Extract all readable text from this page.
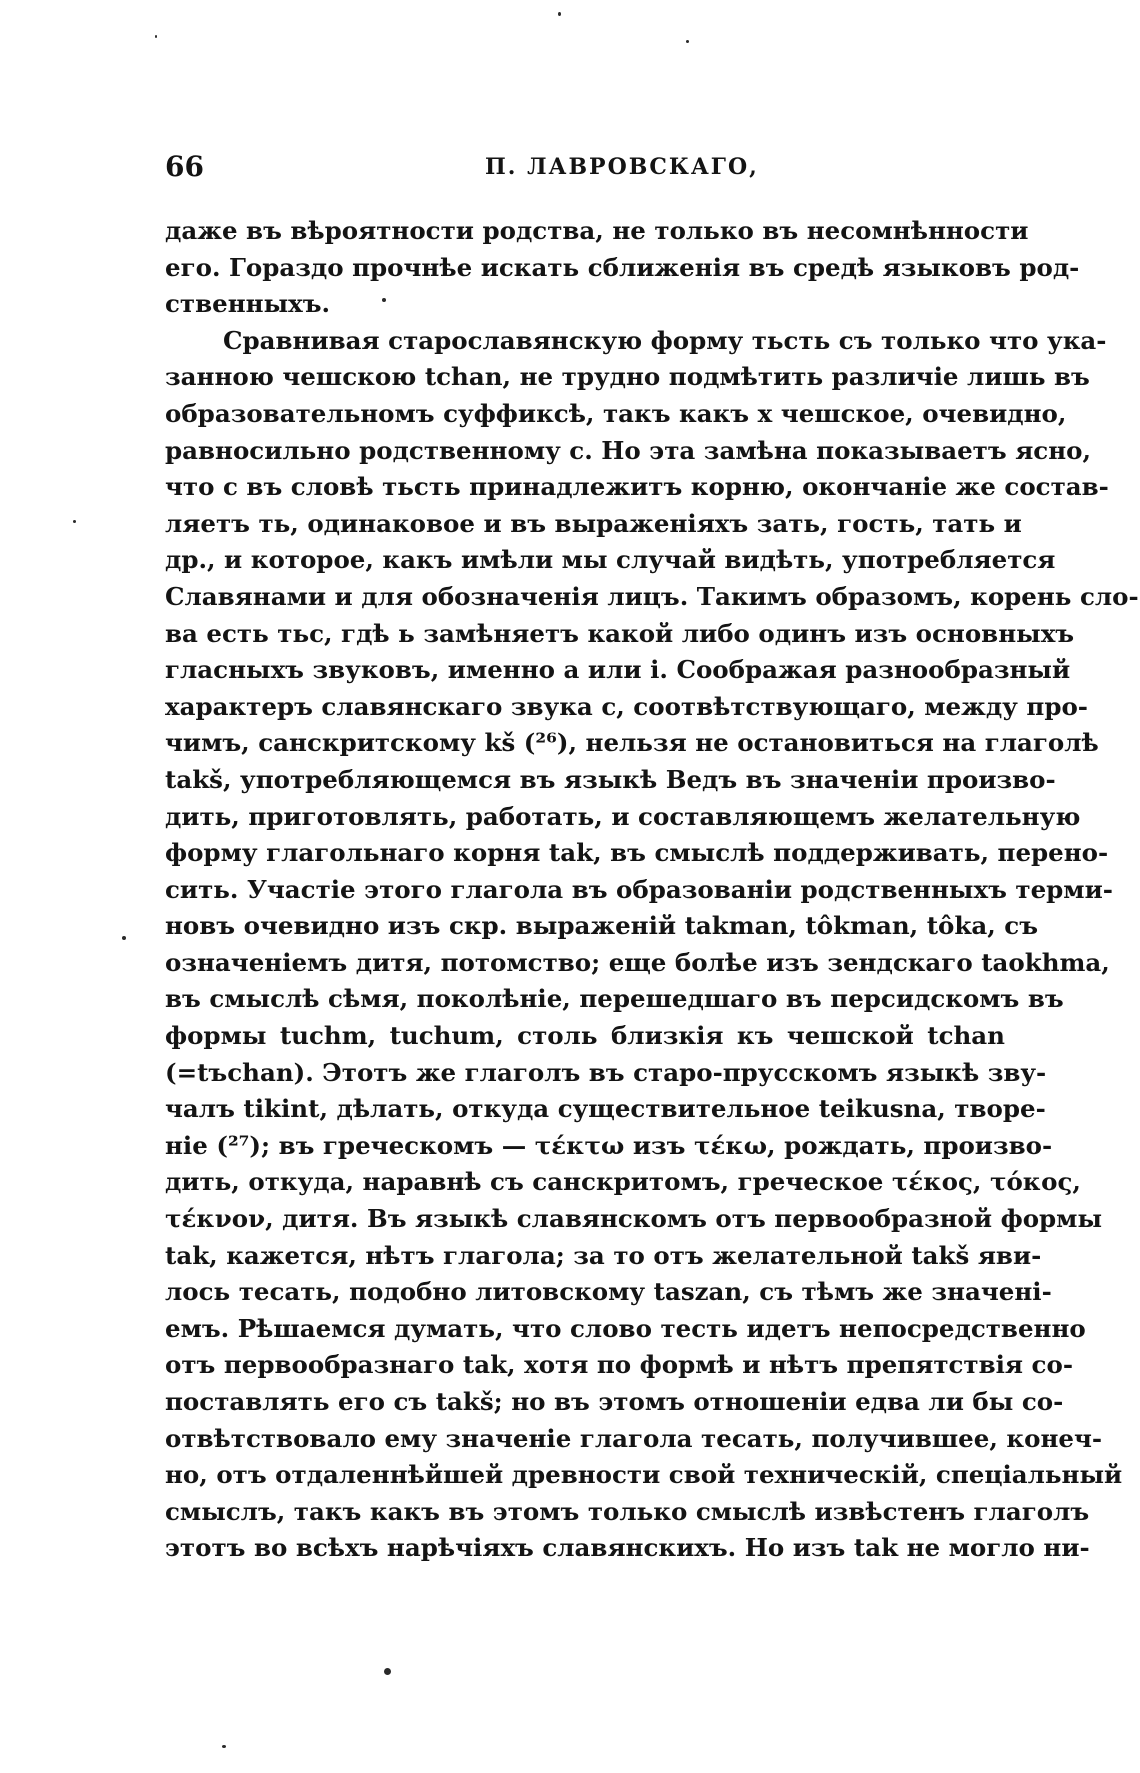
66	П. ЛАВРОВСКАГО,
даже въ вѣроятности родства, не только въ несомнѣнности
его. Гораздо прочнѣе искать сближенія въ средѣ языковъ род-
ственныхъ.
Сравнивая старославянскую форму тьсть съ только что ука-
занною чешскою tchan, не трудно подмѣтить различіе лишь въ
образовательномъ суффиксѣ, такъ какъ х чешское, очевидно,
равносильно родственному с. Но эта замѣна показываетъ ясно,
что с въ словѣ тьсть принадлежитъ корню, окончаніе же состав-
ляетъ ть, одинаковое и въ выраженіяхъ зать, гость, тать и
др., и которое, какъ имѣли мы случай видѣть, употребляется
Славянами и для обозначенія лицъ. Такимъ образомъ, корень сло-
ва есть тьс, гдѣ ь замѣняетъ какой либо одинъ изъ основныхъ
гласныхъ звуковъ, именно а или i. Соображая разнообразный
характеръ славянскаго звука с, соотвѣтствующаго, между про-
чимъ, санскритскому kš (²⁶), нельзя не остановиться на глаголѣ
takš, употребляющемся въ языкѣ Ведъ въ значеніи произво-
дить, приготовлять, работать, и составляющемъ желательную
форму глагольнаго корня tak, въ смыслѣ поддерживать, перено-
сить. Участіе этого глагола въ образованіи родственныхъ терми-
новъ очевидно изъ скр. выраженій takman, tôkman, tôka, съ
означеніемъ дитя, потомство; еще болѣе изъ зендскаго taokhma,
въ смыслѣ сѣмя, поколѣніе, перешедшаго въ персидскомъ въ
формы tuchm, tuchum, столь близкія къ чешской tchan
(=tъchan). Этотъ же глаголъ въ старо-прусскомъ языкѣ зву-
чалъ tikint, дѣлать, откуда существительное teikusna, творе-
ніе (²⁷); въ греческомъ — τέκτω изъ τέκω, рождать, произво-
дить, откуда, наравнѣ съ санскритомъ, греческое τέκος, τόκος,
τέκνον, дитя. Въ языкѣ славянскомъ отъ первообразной формы
tak, кажется, нѣтъ глагола; за то отъ желательной takš яви-
лось тесать, подобно литовскому taszan, съ тѣмъ же значені-
емъ. Рѣшаемся думать, что слово тесть идетъ непосредственно
отъ первообразнаго tak, хотя по формѣ и нѣтъ препятствія со-
поставлять его съ takš; но въ этомъ отношеніи едва ли бы со-
отвѣтствовало ему значеніе глагола тесать, получившее, конеч-
но, отъ отдаленнѣйшей древности свой техническій, спеціальный
смыслъ, такъ какъ въ этомъ только смыслѣ извѣстенъ глаголъ
этотъ во всѣхъ нарѣчіяхъ славянскихъ. Но изъ tak не могло ни-
